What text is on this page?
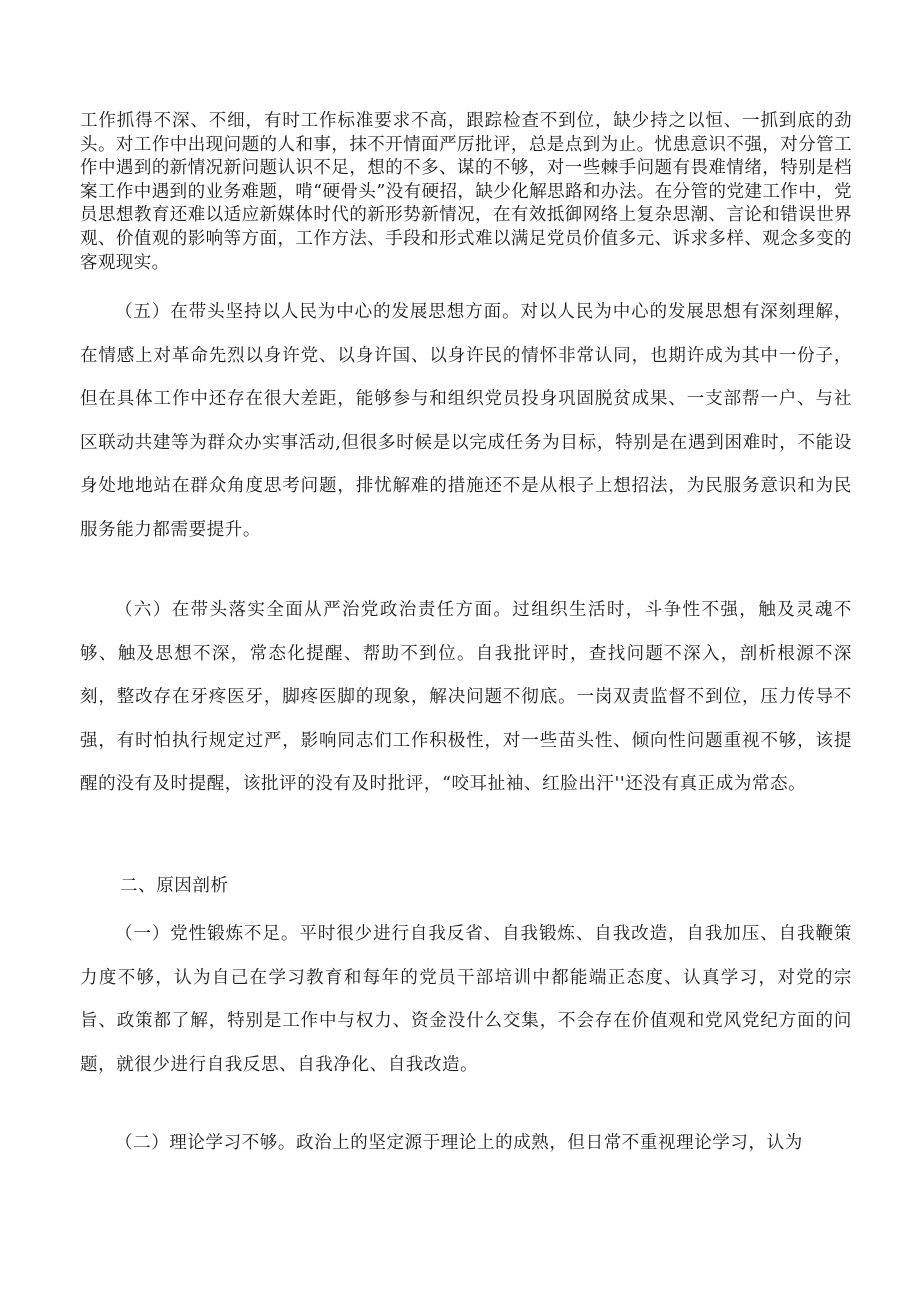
工作抓得不深、不细，有时工作标准要求不高，跟踪检查不到位，缺少持之以恒、一抓到底的劲头。对工作中出现问题的人和事，抹不开情面严厉批评，总是点到为止。忧患意识不强，对分管工作中遇到的新情况新问题认识不足，想的不多、谋的不够，对一些棘手问题有畏难情绪，特别是档案工作中遇到的业务难题，啃“硬骨头”没有硬招，缺少化解思路和办法。在分管的党建工作中，党员思想教育还难以适应新媒体时代的新形势新情况，在有效抵御网络上复杂思潮、言论和错误世界观、价值观的影响等方面，工作方法、手段和形式难以满足党员价值多元、诉求多样、观念多变的客观现实。

（五）在带头坚持以人民为中心的发展思想方面。对以人民为中心的发展思想有深刻理解，在情感上对革命先烈以身许党、以身许国、以身许民的情怀非常认同，也期许成为其中一份子，但在具体工作中还存在很大差距，能够参与和组织党员投身巩固脱贫成果、一支部帮一户、与社区联动共建等为群众办实事活动,但很多时候是以完成任务为目标，特别是在遇到困难时，不能设身处地地站在群众角度思考问题，排忧解难的措施还不是从根子上想招法，为民服务意识和为民服务能力都需要提升。

（六）在带头落实全面从严治党政治责任方面。过组织生活时，斗争性不强，触及灵魂不够、触及思想不深，常态化提醒、帮助不到位。自我批评时，查找问题不深入，剖析根源不深刻，整改存在牙疼医牙，脚疼医脚的现象，解决问题不彻底。一岗双责监督不到位，压力传导不强，有时怕执行规定过严，影响同志们工作积极性，对一些苗头性、倾向性问题重视不够，该提醒的没有及时提醒，该批评的没有及时批评，“咬耳扯袖、红脸出汗''还没有真正成为常态。

二、原因剖析

（一）党性锻炼不足。平时很少进行自我反省、自我锻炼、自我改造，自我加压、自我鞭策力度不够，认为自己在学习教育和每年的党员干部培训中都能端正态度、认真学习，对党的宗旨、政策都了解，特别是工作中与权力、资金没什么交集，不会存在价值观和党风党纪方面的问题，就很少进行自我反思、自我净化、自我改造。

（二）理论学习不够。政治上的坚定源于理论上的成熟，但日常不重视理论学习，认为
